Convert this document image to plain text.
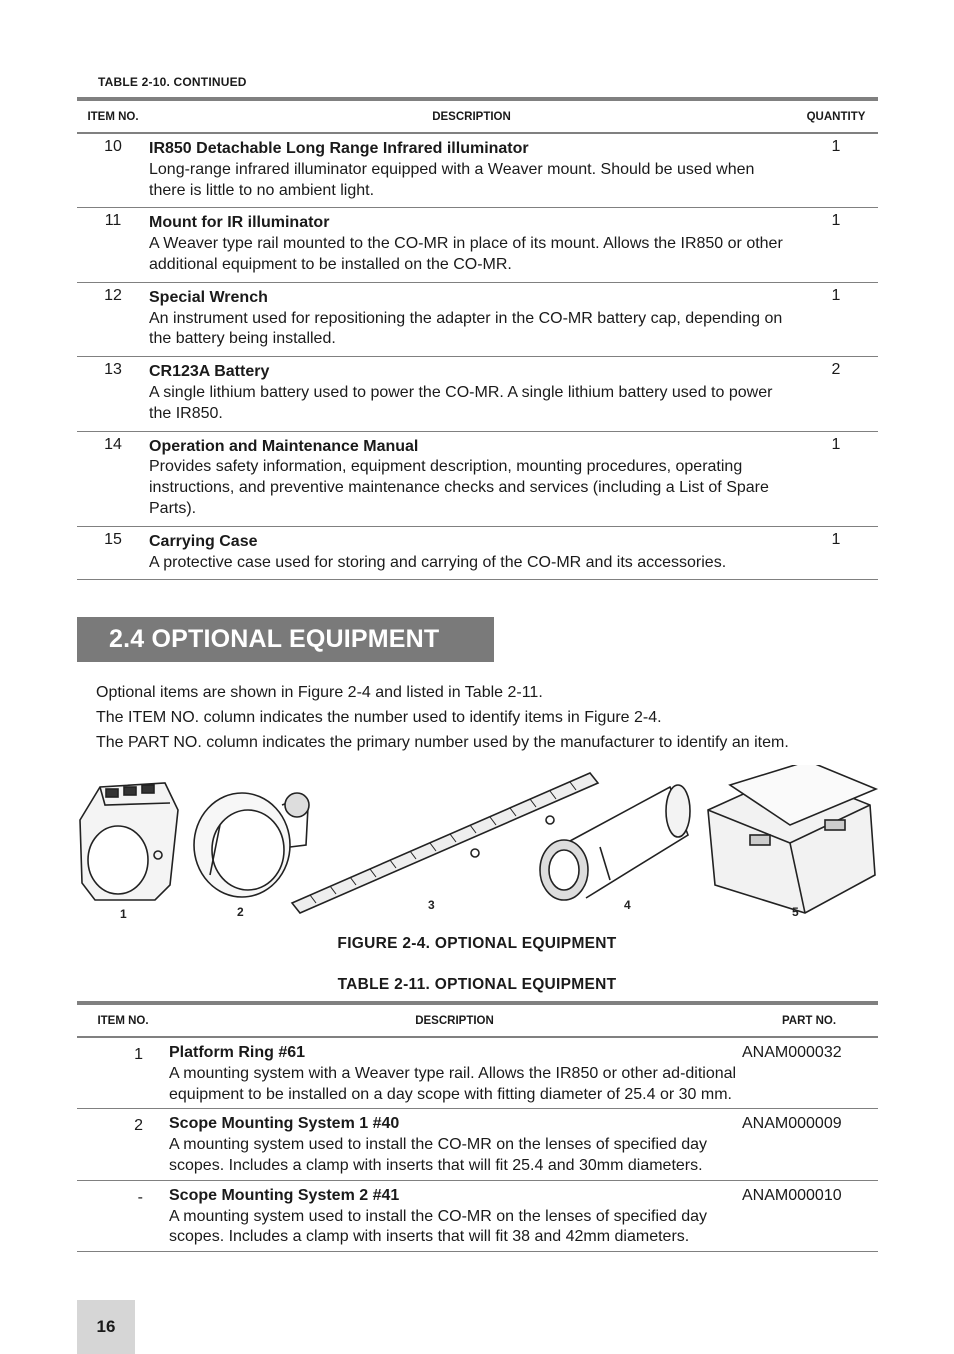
TABLE 2-10. CONTINUED
ITEM NO.	DESCRIPTION	QUANTITY
10	IR850 Detachable Long Range Infrared illuminator
Long-range infrared illuminator equipped with a Weaver mount. Should be used when there is little to no ambient light.	1
11	Mount for IR illuminator
A Weaver type rail mounted to the CO-MR in place of its mount. Allows the IR850 or other additional equipment to be installed on the CO-MR.	1
12	Special Wrench
An instrument used for repositioning the adapter in the CO-MR battery cap, depending on the battery being installed.	1
13	CR123A Battery
A single lithium battery used to power the CO-MR. A single lithium battery used to power the IR850.	2
14	Operation and Maintenance Manual
Provides safety information, equipment description, mounting procedures, operating instructions, and preventive maintenance checks and services (including a List of Spare Parts).	1
15	Carrying Case
A protective case used for storing and carrying of the CO-MR and its accessories.	1
2.4 OPTIONAL EQUIPMENT

Optional items are shown in Figure 2-4 and listed in Table 2-11.

The ITEM NO. column indicates the number used to identify items in Figure 2-4.

The PART NO. column indicates the primary number used by the manufacturer to identify an item.

1	2	3	4	5
FIGURE 2-4. OPTIONAL EQUIPMENT
TABLE 2-11. OPTIONAL EQUIPMENT
ITEM NO.	DESCRIPTION	PART NO.
1	Platform Ring #61
A mounting system with a Weaver type rail. Allows the IR850 or other ad-ditional equipment to be installed on a day scope with fitting diameter of 25.4 or 30 mm.	ANAM000032
2	Scope Mounting System 1 #40
A mounting system used to install the CO-MR on the lenses of specified day scopes. Includes a clamp with inserts that will fit 25.4 and 30mm diameters.	ANAM000009
-	Scope Mounting System 2 #41
A mounting system used to install the CO-MR on the lenses of specified day scopes. Includes a clamp with inserts that will fit 38 and 42mm diameters.	ANAM000010
16
